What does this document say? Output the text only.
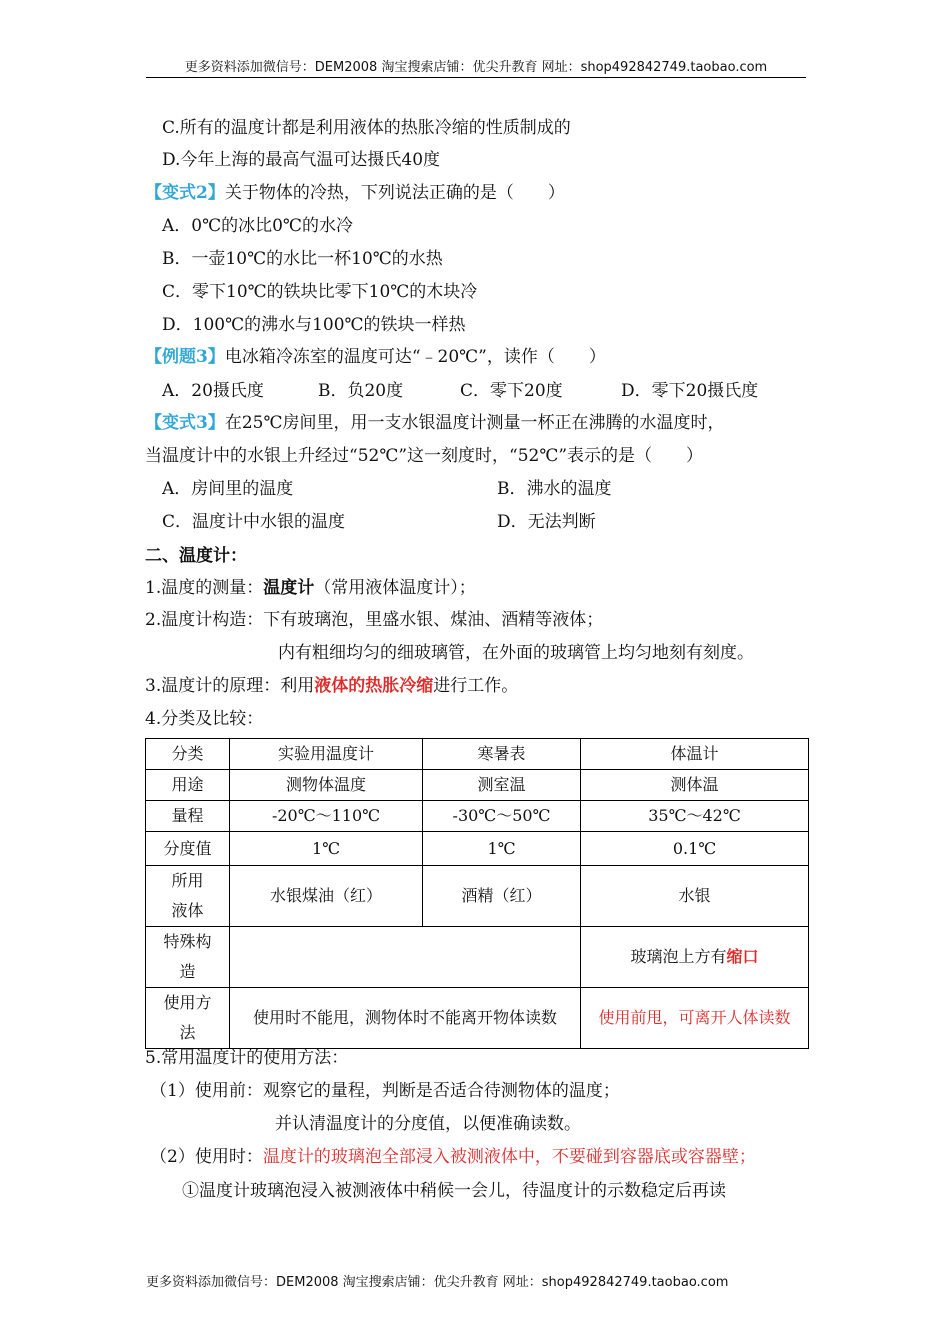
更多资料添加微信号：DEM2008 淘宝搜索店铺：优尖升教育 网址：shop492842749.taobao.com
C.所有的温度计都是利用液体的热胀冷缩的性质制成的
D.今年上海的最高气温可达摄氏40度
【变式2】关于物体的冷热，下列说法正确的是（　　）
A．0℃的冰比0℃的水冷
B．一壶10℃的水比一杯10℃的水热
C．零下10℃的铁块比零下10℃的木块冷
D．100℃的沸水与100℃的铁块一样热
【例题3】电冰箱冷冻室的温度可达“﹣20℃”，读作（　　）
A．20摄氏度	B．负20度	C．零下20度	D．零下20摄氏度
【变式3】在25℃房间里，用一支水银温度计测量一杯正在沸腾的水温度时，
当温度计中的水银上升经过“52℃”这一刻度时，“52℃”表示的是（　　）
A．房间里的温度	B．沸水的温度
C．温度计中水银的温度	D．无法判断
二、温度计：
1.温度的测量：温度计（常用液体温度计）；
2.温度计构造：下有玻璃泡，里盛水银、煤油、酒精等液体；
内有粗细均匀的细玻璃管，在外面的玻璃管上均匀地刻有刻度。
3.温度计的原理：利用液体的热胀冷缩进行工作。
4.分类及比较：
分类	实验用温度计	寒暑表	体温计
用途	测物体温度	测室温	测体温
量程	-20℃～110℃	-30℃～50℃	35℃～42℃
分度值	1℃	1℃	0.1℃
所用
液体	水银煤油（红）	酒精（红）	水银
特殊构
造			玻璃泡上方有缩口
使用方
法	使用时不能甩，测物体时不能离开物体读数		使用前甩，可离开人体读数
5.常用温度计的使用方法：
（1）使用前：观察它的量程，判断是否适合待测物体的温度；
并认清温度计的分度值，以便准确读数。
（2）使用时：温度计的玻璃泡全部浸入被测液体中，不要碰到容器底或容器壁；
①温度计玻璃泡浸入被测液体中稍候一会儿，待温度计的示数稳定后再读
更多资料添加微信号：DEM2008 淘宝搜索店铺：优尖升教育 网址：shop492842749.taobao.com
